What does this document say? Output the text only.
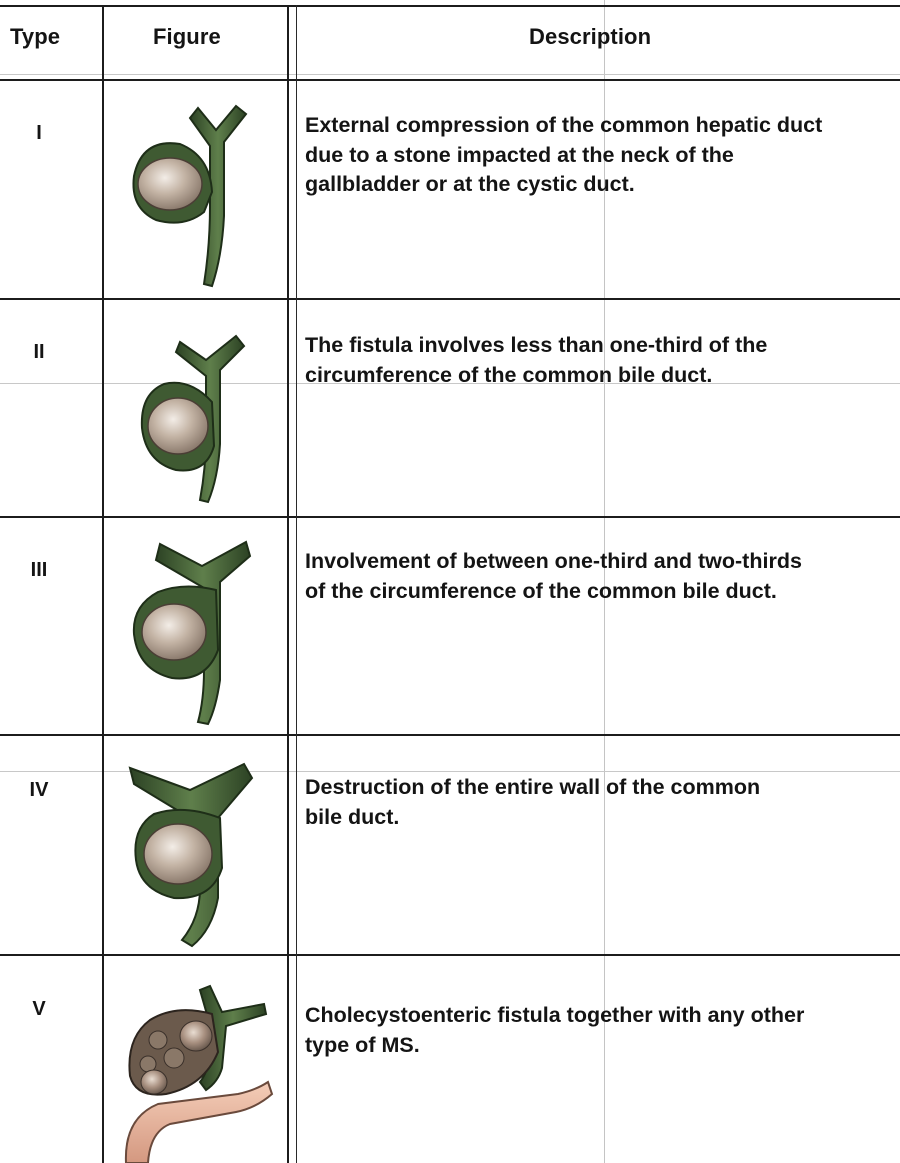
Type	Figure	Description
I
II
III
IV
V
External compression of the common hepatic duct
due to a stone impacted at the neck of the
gallbladder or at the cystic duct.
The fistula involves less than one-third of the
circumference of the common bile duct.
Involvement of between one-third and two-thirds
of the circumference of the common bile duct.
Destruction of the entire wall of the common
bile duct.
Cholecystoenteric fistula together with any other
type of MS.
